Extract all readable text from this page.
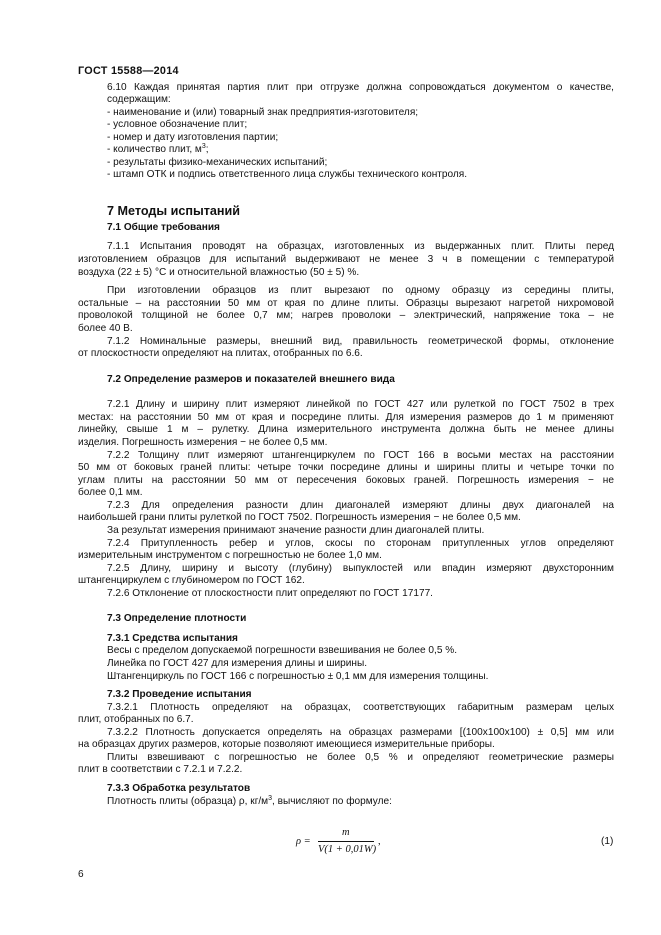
ГОСТ 15588—2014
7 Методы испытаний
6.10 Каждая принятая партия плит при отгрузке должна сопровождаться документом о качестве,
содержащим:
- наименование и (или) товарный знак предприятия-изготовителя;
- условное обозначение плит;
- номер и дату изготовления партии;
- количество плит, $м^3$;
- результаты физико-механических испытаний;
- штамп ОТК и подпись ответственного лица службы технического контроля.
7.1 Общие требования
7.1.1 Испытания проводят на образцах, изготовленных из выдержанных плит. Плиты перед
изготовлением образцов для испытаний выдерживают не менее 3 ч в помещении с температурой
воздуха (22 ± 5) °С и относительной влажностью (50 ± 5) %.
При изготовлении образцов из плит вырезают по одному образцу из середины плиты,
остальные – на расстоянии 50 мм от края по длине плиты. Образцы вырезают нагретой нихромовой
проволокой толщиной не более 0,7 мм; нагрев проволоки – электрический, напряжение тока – не
более 40 В.
7.1.2 Номинальные размеры, внешний вид, правильность геометрической формы, отклонение
от плоскостности определяют на плитах, отобранных по 6.6.
7.2 Определение размеров и показателей внешнего вида
7.2.1 Длину и ширину плит измеряют линейкой по ГОСТ 427 или рулеткой по ГОСТ 7502 в трех
местах: на расстоянии 50 мм от края и посредине плиты. Для измерения размеров до 1 м применяют
линейку, свыше 1 м – рулетку. Длина измерительного инструмента должна быть не менее длины
изделия. Погрешность измерения − не более 0,5 мм.
7.2.2 Толщину плит измеряют штангенциркулем по ГОСТ 166 в восьми местах на расстоянии
50 мм от боковых граней плиты: четыре точки посредине длины и ширины плиты и четыре точки по
углам плиты на расстоянии 50 мм от пересечения боковых граней. Погрешность измерения − не
более 0,1 мм.
7.2.3 Для определения разности длин диагоналей измеряют длины двух диагоналей на
наибольшей грани плиты рулеткой по ГОСТ 7502. Погрешность измерения − не более 0,5 мм.
За результат измерения принимают значение разности длин диагоналей плиты.
7.2.4 Притупленность ребер и углов, скосы по сторонам притупленных углов определяют
измерительным инструментом с погрешностью не более 1,0 мм.
7.2.5 Длину, ширину и высоту (глубину) выпуклостей или впадин измеряют двухсторонним
штангенциркулем с глубиномером по ГОСТ 162.
7.2.6 Отклонение от плоскостности плит определяют по ГОСТ 17177.
7.3 Определение плотности
7.3.1 Средства испытания
Весы с пределом допускаемой погрешности взвешивания не более 0,5 %.
Линейка по ГОСТ 427 для измерения длины и ширины.
Штангенциркуль по ГОСТ 166 с погрешностью ± 0,1 мм для измерения толщины.
7.3.2 Проведение испытания
7.3.2.1 Плотность определяют на образцах, соответствующих габаритным размерам целых
плит, отобранных по 6.7.
7.3.2.2 Плотность допускается определять на образцах размерами [(100х100х100) ± 0,5] мм или
на образцах других размеров, которые позволяют имеющиеся измерительные приборы.
Плиты взвешивают с погрешностью не более 0,5 % и определяют геометрические размеры
плит в соответствии с 7.2.1 и 7.2.2.
7.3.3 Обработка результатов
Плотность плиты (образца) ρ, $кг/м^3$, вычисляют по формуле:
ρ =
m
V(1 + 0,01W)
,	(1)
6
